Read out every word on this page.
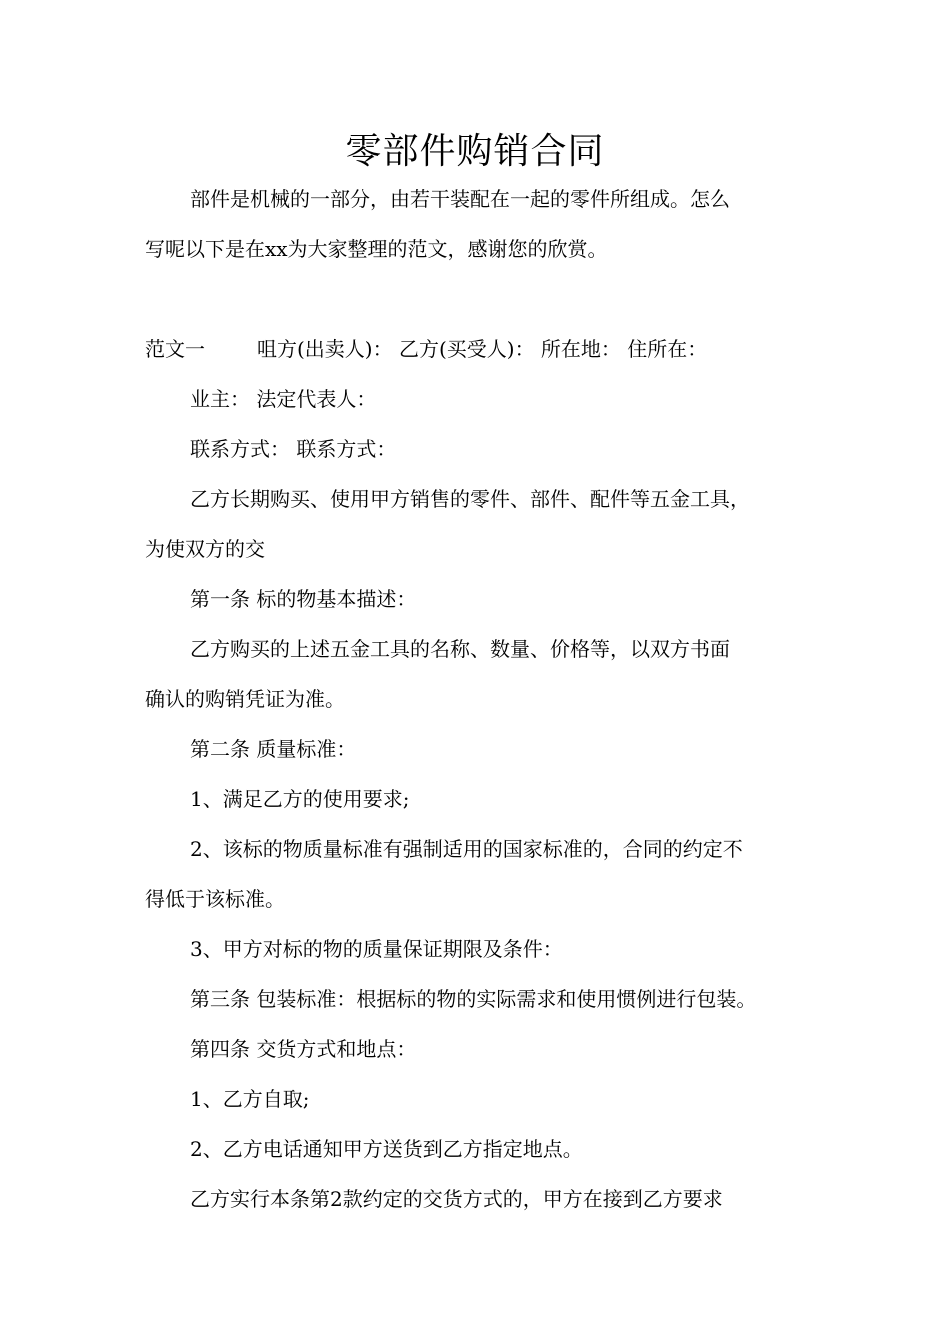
零部件购销合同
部件是机械的一部分，由若干装配在一起的零件所组成。怎么
写呢以下是在xx为大家整理的范文，感谢您的欣赏。
范文一	咀方(出卖人)： 乙方(买受人)： 所在地： 住所在：
业主： 法定代表人：
联系方式： 联系方式：
乙方长期购买、使用甲方销售的零件、部件、配件等五金工具，
为使双方的交
第一条 标的物基本描述：
乙方购买的上述五金工具的名称、数量、价格等，以双方书面
确认的购销凭证为准。
第二条 质量标准：
1、满足乙方的使用要求;
2、该标的物质量标准有强制适用的国家标准的，合同的约定不
得低于该标准。
3、甲方对标的物的质量保证期限及条件：
第三条 包装标准：根据标的物的实际需求和使用惯例进行包装。
第四条 交货方式和地点：
1、乙方自取;
2、乙方电话通知甲方送货到乙方指定地点。
乙方实行本条第2款约定的交货方式的，甲方在接到乙方要求
